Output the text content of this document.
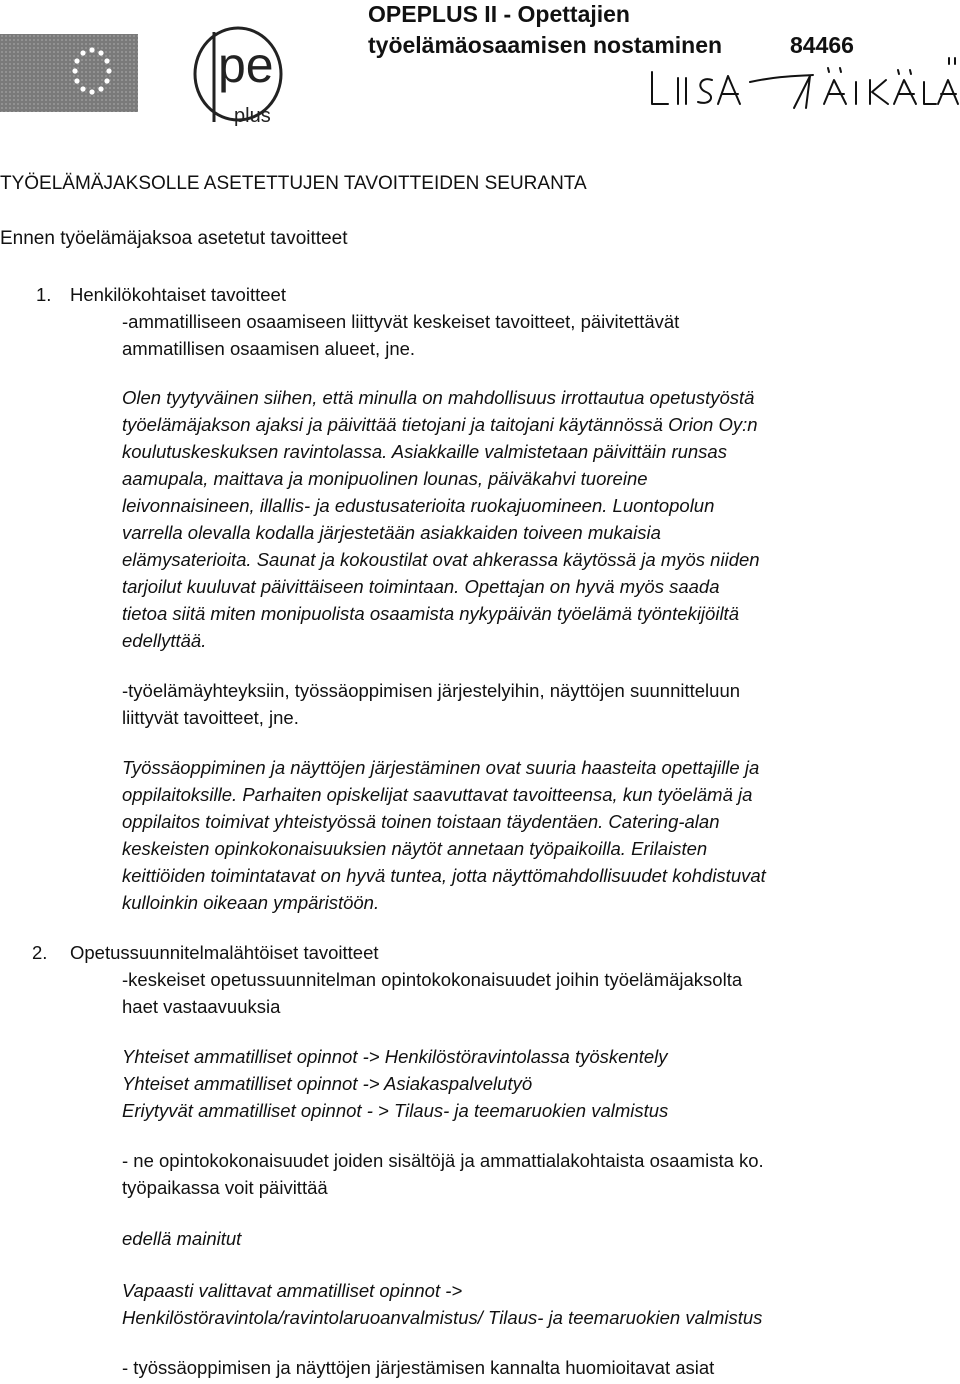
pe
plus
OPEPLUS II - Opettajien
työelämäosaamisen nostaminen	84466
TYÖELÄMÄJAKSOLLE ASETETTUJEN TAVOITTEIDEN SEURANTA
Ennen työelämäjaksoa asetetut tavoitteet
1.	Henkilökohtaiset tavoitteet
-ammatilliseen osaamiseen liittyvät keskeiset tavoitteet, päivitettävät
ammatillisen osaamisen alueet, jne.
Olen tyytyväinen siihen, että minulla on mahdollisuus irrottautua opetustyöstä
työelämäjakson ajaksi ja päivittää tietojani ja taitojani käytännössä Orion Oy:n
koulutuskeskuksen ravintolassa. Asiakkaille valmistetaan päivittäin runsas
aamupala, maittava ja monipuolinen lounas, päiväkahvi tuoreine
leivonnaisineen, illallis- ja edustusaterioita ruokajuomineen. Luontopolun
varrella olevalla kodalla järjestetään asiakkaiden toiveen mukaisia
elämysaterioita. Saunat ja kokoustilat ovat ahkerassa käytössä ja myös niiden
tarjoilut kuuluvat päivittäiseen toimintaan. Opettajan on hyvä myös saada
tietoa siitä miten monipuolista osaamista nykypäivän työelämä työntekijöiltä
edellyttää.
-työelämäyhteyksiin, työssäoppimisen järjestelyihin, näyttöjen suunnitteluun
liittyvät tavoitteet, jne.
Työssäoppiminen ja näyttöjen järjestäminen ovat suuria haasteita opettajille ja
oppilaitoksille. Parhaiten opiskelijat saavuttavat tavoitteensa, kun työelämä ja
oppilaitos toimivat yhteistyössä toinen toistaan täydentäen. Catering-alan
keskeisten opinkokonaisuuksien näytöt annetaan työpaikoilla. Erilaisten
keittiöiden toimintatavat on hyvä tuntea, jotta näyttömahdollisuudet kohdistuvat
kulloinkin oikeaan ympäristöön.
2.	Opetussuunnitelmalähtöiset tavoitteet
-keskeiset opetussuunnitelman opintokokonaisuudet joihin työelämäjaksolta
haet vastaavuuksia
Yhteiset ammatilliset opinnot -> Henkilöstöravintolassa työskentely
Yhteiset ammatilliset opinnot -> Asiakaspalvelutyö
Eriytyvät ammatilliset opinnot - > Tilaus- ja teemaruokien valmistus
- ne opintokokonaisuudet joiden sisältöjä ja ammattialakohtaista osaamista ko.
työpaikassa voit päivittää
edellä mainitut
Vapaasti valittavat ammatilliset opinnot ->
Henkilöstöravintola/ravintolaruoanvalmistus/ Tilaus- ja teemaruokien valmistus
- työssäoppimisen ja näyttöjen järjestämisen kannalta huomioitavat asiat
